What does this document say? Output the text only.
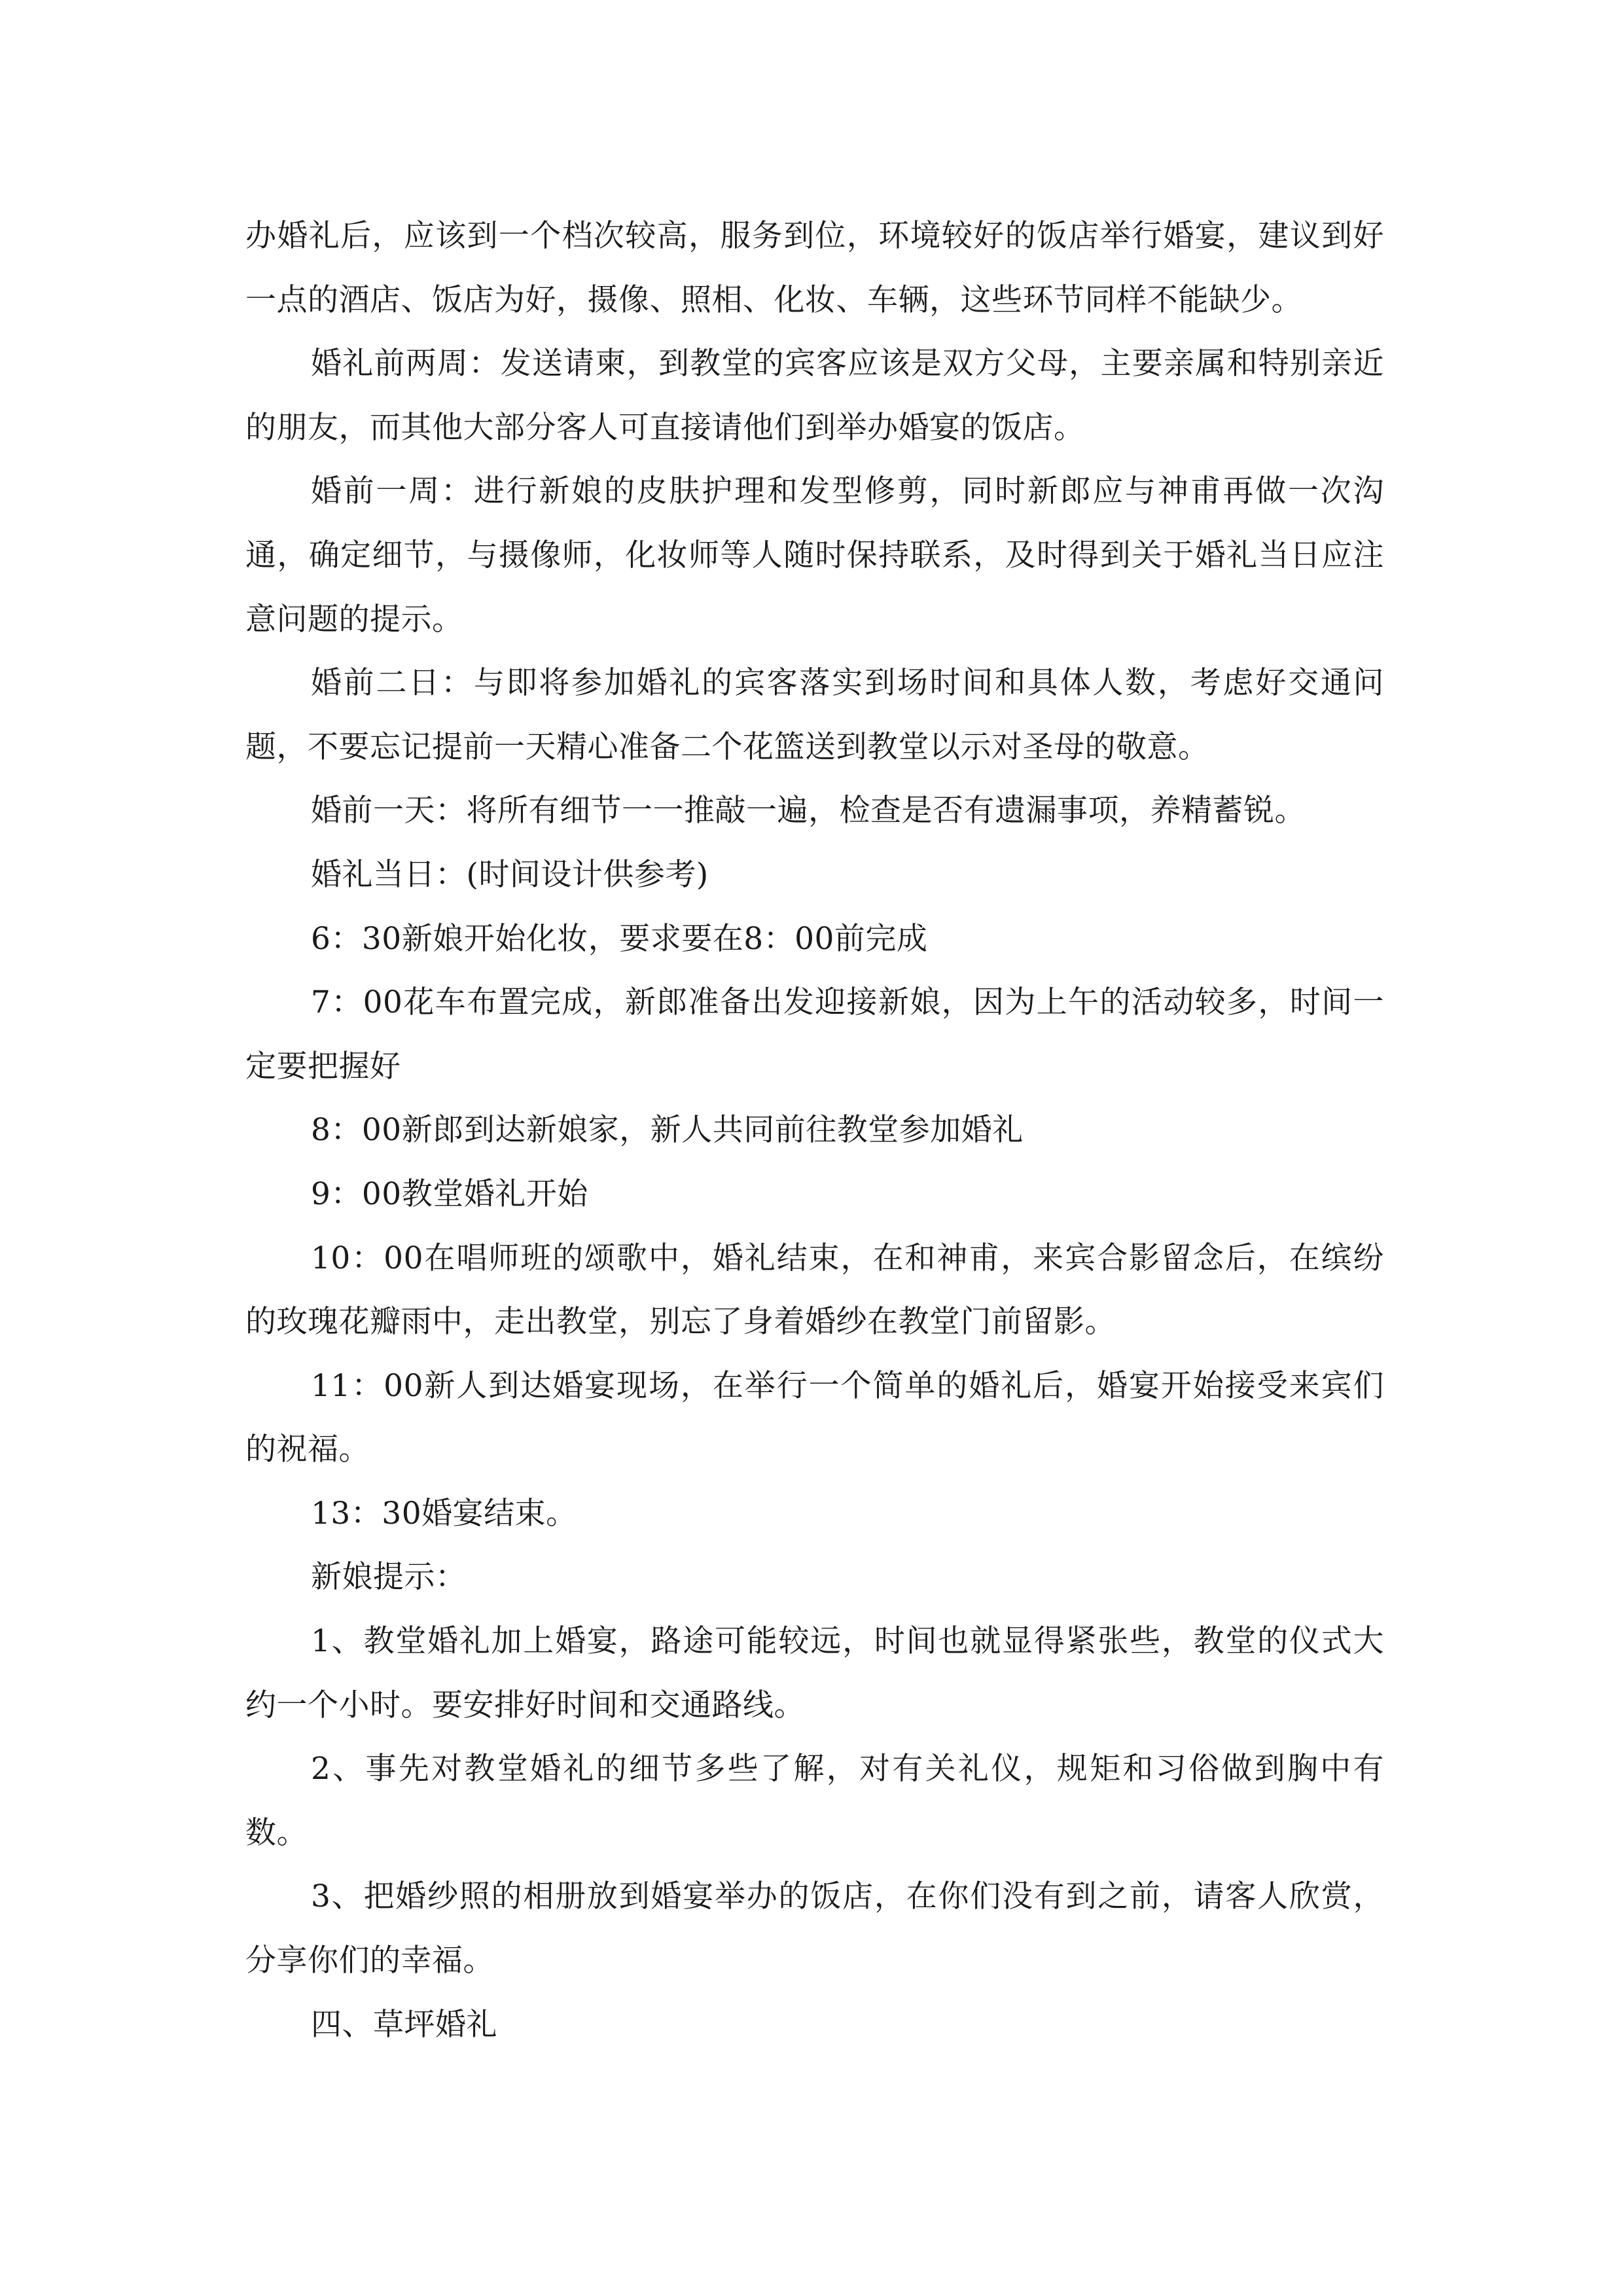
办婚礼后，应该到一个档次较高，服务到位，环境较好的饭店举行婚宴，建议到好一点的酒店、饭店为好，摄像、照相、化妆、车辆，这些环节同样不能缺少。

婚礼前两周：发送请柬，到教堂的宾客应该是双方父母，主要亲属和特别亲近的朋友，而其他大部分客人可直接请他们到举办婚宴的饭店。

婚前一周：进行新娘的皮肤护理和发型修剪，同时新郎应与神甫再做一次沟通，确定细节，与摄像师，化妆师等人随时保持联系，及时得到关于婚礼当日应注意问题的提示。

婚前二日：与即将参加婚礼的宾客落实到场时间和具体人数，考虑好交通问题，不要忘记提前一天精心准备二个花篮送到教堂以示对圣母的敬意。

婚前一天：将所有细节一一推敲一遍，检查是否有遗漏事项，养精蓄锐。

婚礼当日：(时间设计供参考)

6：30新娘开始化妆，要求要在8：00前完成

7：00花车布置完成，新郎准备出发迎接新娘，因为上午的活动较多，时间一定要把握好

8：00新郎到达新娘家，新人共同前往教堂参加婚礼

9：00教堂婚礼开始

10：00在唱师班的颂歌中，婚礼结束，在和神甫，来宾合影留念后，在缤纷的玫瑰花瓣雨中，走出教堂，别忘了身着婚纱在教堂门前留影。

11：00新人到达婚宴现场，在举行一个简单的婚礼后，婚宴开始接受来宾们的祝福。

13：30婚宴结束。

新娘提示：

1、教堂婚礼加上婚宴，路途可能较远，时间也就显得紧张些，教堂的仪式大约一个小时。要安排好时间和交通路线。

2、事先对教堂婚礼的细节多些了解，对有关礼仪，规矩和习俗做到胸中有数。

3、把婚纱照的相册放到婚宴举办的饭店，在你们没有到之前，请客人欣赏，分享你们的幸福。

四、草坪婚礼
